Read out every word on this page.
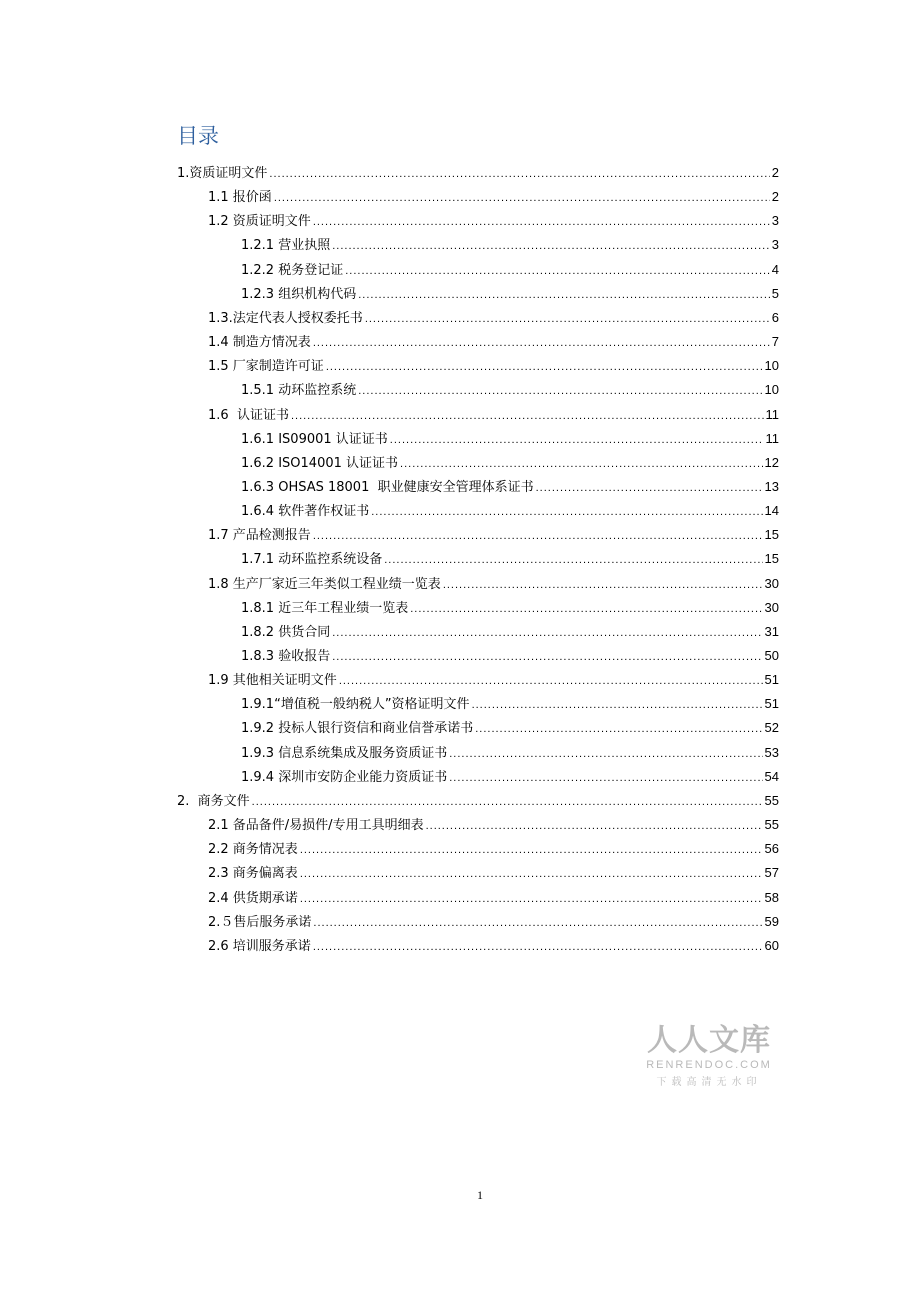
目录
1.资质证明文件 .....	2
1.1 报价函 .....	2
1.2 资质证明文件 .....	3
1.2.1 营业执照 .....	3
1.2.2 税务登记证 .....	4
1.2.3 组织机构代码 .....	5
1.3.法定代表人授权委托书 .....	6
1.4 制造方情况表 .....	7
1.5 厂家制造许可证 .....	10
1.5.1 动环监控系统 .....	10
1.6  认证证书 .....	11
1.6.1 IS09001 认证证书 .....	11
1.6.2 ISO14001 认证证书 .....	12
1.6.3 OHSAS 18001  职业健康安全管理体系证书 .....	13
1.6.4 软件著作权证书 .....	14
1.7 产品检测报告 .....	15
1.7.1 动环监控系统设备 .....	15
1.8 生产厂家近三年类似工程业绩一览表 .....	30
1.8.1 近三年工程业绩一览表 .....	30
1.8.2 供货合同 .....	31
1.8.3 验收报告 .....	50
1.9 其他相关证明文件 .....	51
1.9.1“增值税一般纳税人”资格证明文件 .....	51
1.9.2 投标人银行资信和商业信誉承诺书 .....	52
1.9.3 信息系统集成及服务资质证书 .....	53
1.9.4 深圳市安防企业能力资质证书 .....	54
2.  商务文件 .....	55
2.1 备品备件/易损件/专用工具明细表 .....	55
2.2 商务情况表 .....	56
2.3 商务偏离表 .....	57
2.4 供货期承诺 .....	58
2.５售后服务承诺 .....	59
2.6 培训服务承诺 .....	60
人人文库
RENRENDOC.COM
下载高清无水印
1
